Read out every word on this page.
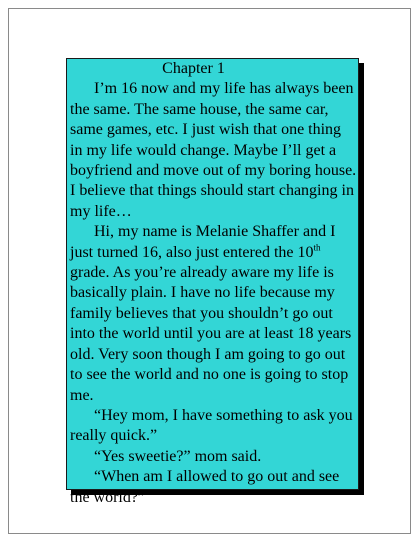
Chapter 1

I’m 16 now and my life has always been the same. The same house, the same car, same games, etc. I just wish that one thing in my life would change. Maybe I’ll get a boyfriend and move out of my boring house. I believe that things should start changing in my life…

Hi, my name is Melanie Shaffer and I just turned 16, also just entered the 10th grade. As you’re already aware my life is basically plain. I have no life because my family believes that you shouldn’t go out into the world until you are at least 18 years old. Very soon though I am going to go out to see the world and no one is going to stop me.

“Hey mom, I have something to ask you really quick.”

“Yes sweetie?” mom said.

“When am I allowed to go out and see the world?”
